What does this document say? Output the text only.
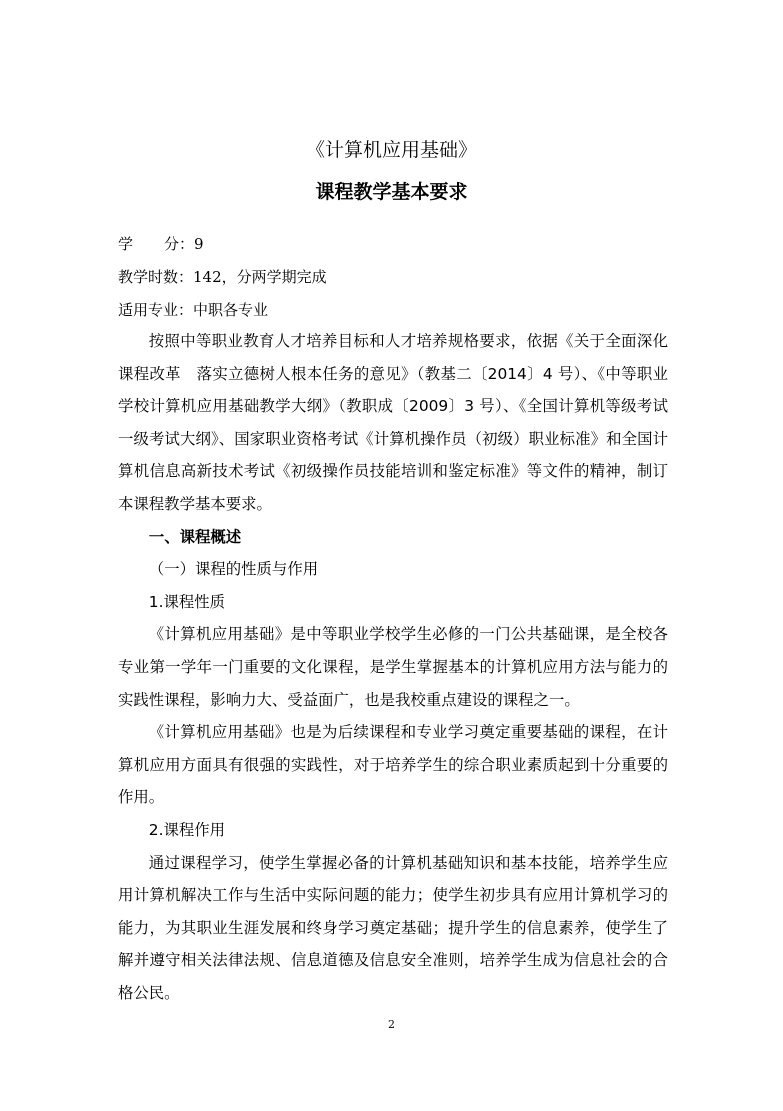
《计算机应用基础》
课程教学基本要求
学 分：9
教学时数：142，分两学期完成
适用专业：中职各专业

按照中等职业教育人才培养目标和人才培养规格要求，依据《关于全面深化课程改革　落实立德树人根本任务的意见》（教基二〔2014〕4 号）、《中等职业学校计算机应用基础教学大纲》（教职成〔2009〕3 号）、《全国计算机等级考试一级考试大纲》、国家职业资格考试《计算机操作员（初级）职业标准》和全国计算机信息高新技术考试《初级操作员技能培训和鉴定标准》等文件的精神，制订本课程教学基本要求。

一、课程概述
（一）课程的性质与作用
1.课程性质

《计算机应用基础》是中等职业学校学生必修的一门公共基础课，是全校各专业第一学年一门重要的文化课程，是学生掌握基本的计算机应用方法与能力的实践性课程，影响力大、受益面广，也是我校重点建设的课程之一。

《计算机应用基础》也是为后续课程和专业学习奠定重要基础的课程，在计算机应用方面具有很强的实践性，对于培养学生的综合职业素质起到十分重要的作用。

2.课程作用

通过课程学习，使学生掌握必备的计算机基础知识和基本技能，培养学生应用计算机解决工作与生活中实际问题的能力；使学生初步具有应用计算机学习的能力，为其职业生涯发展和终身学习奠定基础；提升学生的信息素养，使学生了解并遵守相关法律法规、信息道德及信息安全准则，培养学生成为信息社会的合格公民。

2
